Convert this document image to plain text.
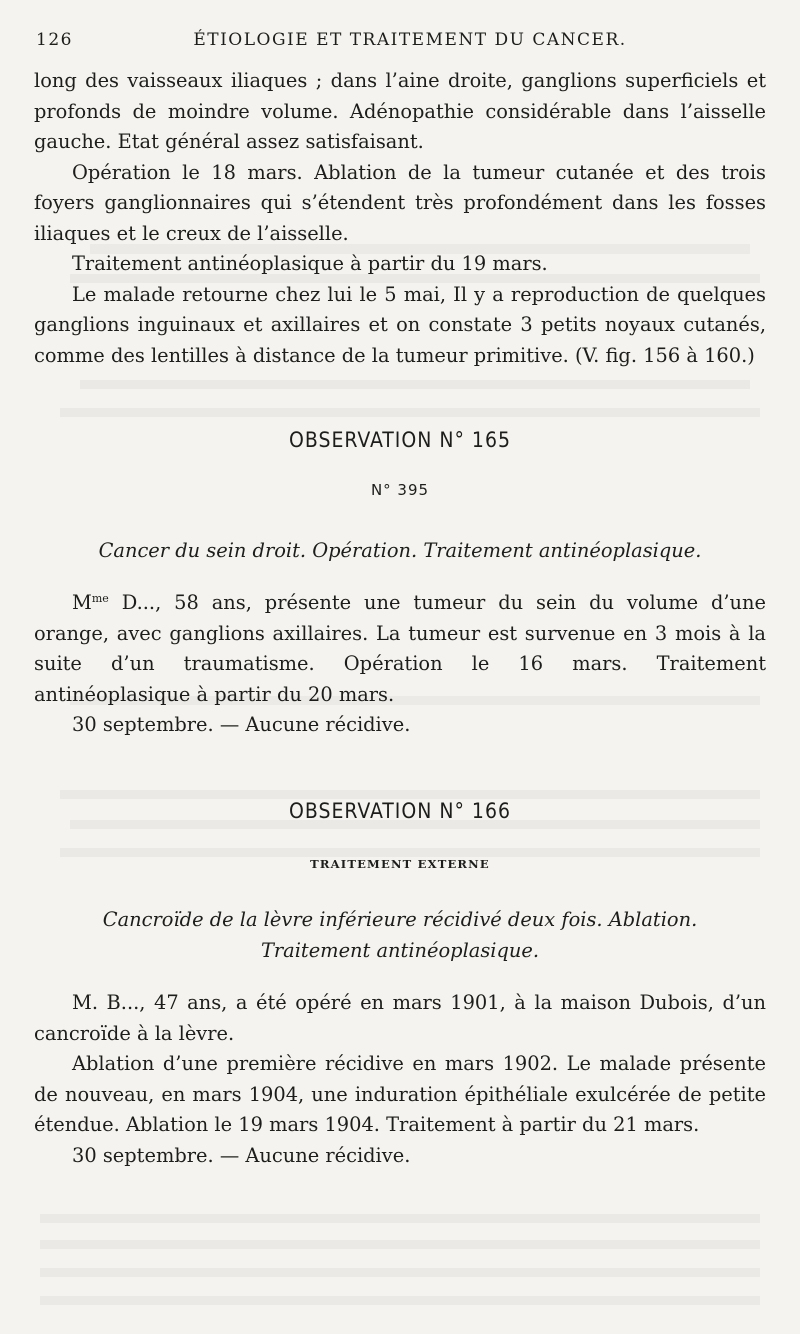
126	ÉTIOLOGIE ET TRAITEMENT DU CANCER.

long des vaisseaux iliaques ; dans l’aine droite, ganglions superficiels et profonds de moindre volume. Adénopathie considérable dans l’aisselle gauche. Etat général assez satisfaisant.

Opération le 18 mars. Ablation de la tumeur cutanée et des trois foyers ganglionnaires qui s’étendent très profondément dans les fosses iliaques et le creux de l’aisselle.

Traitement antinéoplasique à partir du 19 mars.

Le malade retourne chez lui le 5 mai, Il y a reproduction de quelques ganglions inguinaux et axillaires et on constate 3 petits noyaux cutanés, comme des lentilles à distance de la tumeur primitive. (V. fig. 156 à 160.)

OBSERVATION N° 165
N° 395
Cancer du sein droit. Opération. Traitement antinéoplasique.

$M^{me}$ D..., 58 ans, présente une tumeur du sein du volume d’une orange, avec ganglions axillaires. La tumeur est survenue en 3 mois à la suite d’un traumatisme. Opération le 16 mars. Traitement antinéoplasique à partir du 20 mars.

30 septembre. — Aucune récidive.

OBSERVATION N° 166
TRAITEMENT EXTERNE
Cancroïde de la lèvre inférieure récidivé deux fois. Ablation.
Traitement antinéoplasique.

M. B..., 47 ans, a été opéré en mars 1901, à la maison Dubois, d’un cancroïde à la lèvre.

Ablation d’une première récidive en mars 1902. Le malade présente de nouveau, en mars 1904, une induration épithéliale exulcérée de petite étendue. Ablation le 19 mars 1904. Traitement à partir du 21 mars.

30 septembre. — Aucune récidive.
